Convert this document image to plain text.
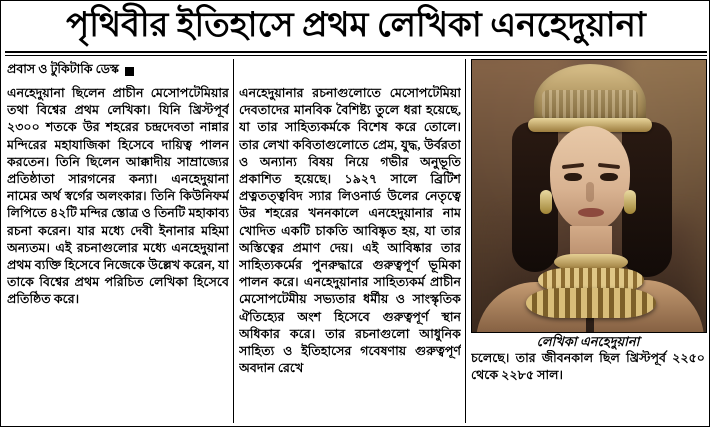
পৃথিবীর ইতিহাসে প্রথম লেখিকা এনহেদুয়ানা
প্রবাস ও টুকিটাকি ডেস্ক

এনহেদুয়ানা ছিলেন প্রাচীন মেসোপটেমিয়ার তথা বিশ্বের প্রথম লেখিকা। যিনি খ্রিস্টপূর্ব ২৩০০ শতকে উর শহরের চন্দ্রদেবতা নান্নার মন্দিরের মহাযাজিকা হিসেবে দায়িত্ব পালন করতেন। তিনি ছিলেন আক্কাদীয় সাম্রাজ্যের প্রতিষ্ঠাতা সারগনের কন্যা। এনহেদুয়ানা নামের অর্থ স্বর্গের অলংকার। তিনি কিউনিফর্ম লিপিতে ৪২টি মন্দির স্তোত্র ও তিনটি মহাকাব্য রচনা করেন। যার মধ্যে দেবী ইনানার মহিমা অন্যতম। এই রচনাগুলোর মধ্যে এনহেদুয়ানা প্রথম ব্যক্তি হিসেবে নিজেকে উল্লেখ করেন, যা তাকে বিশ্বের প্রথম পরিচিত লেখিকা হিসেবে প্রতিষ্ঠিত করে।

এনহেদুয়ানার রচনাগুলোতে মেসোপটেমিয়া দেবতাদের মানবিক বৈশিষ্ট্য তুলে ধরা হয়েছে, যা তার সাহিত্যকর্মকে বিশেষ করে তোলে। তার লেখা কবিতাগুলোতে প্রেম, যুদ্ধ, উর্বরতা ও অন্যান্য বিষয় নিয়ে গভীর অনুভূতি প্রকাশিত হয়েছে। ১৯২৭ সালে ব্রিটিশ প্রত্নতত্ত্ববিদ স্যার লিওনার্ড উলের নেতৃত্বে উর শহরের খননকালে এনহেদুয়ানার নাম খোদিত একটি চাকতি আবিষ্কৃত হয়, যা তার অস্তিত্বের প্রমাণ দেয়। এই আবিষ্কার তার সাহিত্যকর্মের পুনরুদ্ধারে গুরুত্বপূর্ণ ভূমিকা পালন করে। এনহেদুয়ানার সাহিত্যকর্ম প্রাচীন মেসোপটেমীয় সভ্যতার ধর্মীয় ও সাংস্কৃতিক ঐতিহ্যের অংশ হিসেবে গুরুত্বপূর্ণ স্থান অধিকার করে। তার রচনাগুলো আধুনিক সাহিত্য ও ইতিহাসের গবেষণায় গুরুত্বপূর্ণ অবদান রেখে

লেখিকা এনহেদুয়ানা

চলেছে। তার জীবনকাল ছিল খ্রিস্টপূর্ব ২২৫০ থেকে ২২৮৫ সাল।
